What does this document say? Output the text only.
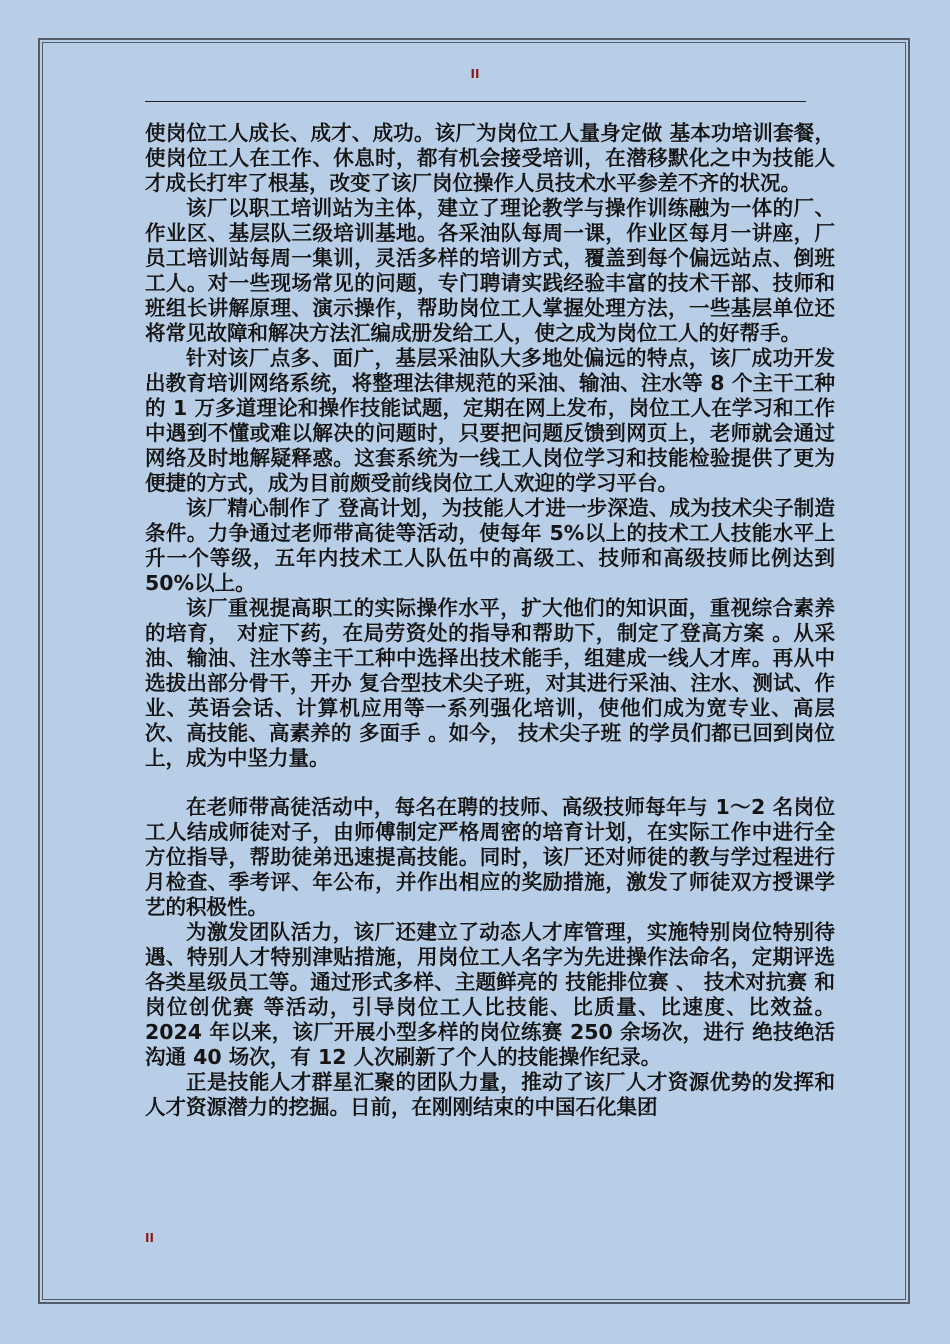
II

使岗位工人成长、成才、成功。该厂为岗位工人量身定做 基本功培训套餐，使岗位工人在工作、休息时，都有机会接受培训，在潜移默化之中为技能人才成长打牢了根基，改变了该厂岗位操作人员技术水平参差不齐的状况。

该厂以职工培训站为主体，建立了理论教学与操作训练融为一体的厂、作业区、基层队三级培训基地。各采油队每周一课，作业区每月一讲座，厂员工培训站每周一集训，灵活多样的培训方式，覆盖到每个偏远站点、倒班工人。对一些现场常见的问题，专门聘请实践经验丰富的技术干部、技师和班组长讲解原理、演示操作，帮助岗位工人掌握处理方法，一些基层单位还将常见故障和解决方法汇编成册发给工人，使之成为岗位工人的好帮手。

针对该厂点多、面广，基层采油队大多地处偏远的特点，该厂成功开发出教育培训网络系统，将整理法律规范的采油、输油、注水等 8 个主干工种的 1 万多道理论和操作技能试题，定期在网上发布，岗位工人在学习和工作中遇到不懂或难以解决的问题时，只要把问题反馈到网页上，老师就会通过网络及时地解疑释惑。这套系统为一线工人岗位学习和技能检验提供了更为便捷的方式，成为目前颇受前线岗位工人欢迎的学习平台。

该厂精心制作了 登高计划，为技能人才进一步深造、成为技术尖子制造条件。力争通过老师带高徒等活动，使每年 5%以上的技术工人技能水平上升一个等级，五年内技术工人队伍中的高级工、技师和高级技师比例达到 50%以上。

该厂重视提高职工的实际操作水平，扩大他们的知识面，重视综合素养的培育， 对症下药，在局劳资处的指导和帮助下，制定了登高方案 。从采油、输油、注水等主干工种中选择出技术能手，组建成一线人才库。再从中选拔出部分骨干，开办 复合型技术尖子班，对其进行采油、注水、测试、作业、英语会话、计算机应用等一系列强化培训，使他们成为宽专业、高层次、高技能、高素养的 多面手 。如今， 技术尖子班 的学员们都已回到岗位上，成为中坚力量。

在老师带高徒活动中，每名在聘的技师、高级技师每年与 1～2 名岗位工人结成师徒对子，由师傅制定严格周密的培育计划，在实际工作中进行全方位指导，帮助徒弟迅速提高技能。同时，该厂还对师徒的教与学过程进行月检查、季考评、年公布，并作出相应的奖励措施，激发了师徒双方授课学艺的积极性。

为激发团队活力，该厂还建立了动态人才库管理，实施特别岗位特别待遇、特别人才特别津贴措施，用岗位工人名字为先进操作法命名，定期评选各类星级员工等。通过形式多样、主题鲜亮的 技能排位赛 、 技术对抗赛 和 岗位创优赛 等活动，引导岗位工人比技能、比质量、比速度、比效益。2024 年以来，该厂开展小型多样的岗位练赛 250 余场次，进行 绝技绝活 沟通 40 场次，有 12 人次刷新了个人的技能操作纪录。

正是技能人才群星汇聚的团队力量，推动了该厂人才资源优势的发挥和人才资源潜力的挖掘。日前，在刚刚结束的中国石化集团

II
